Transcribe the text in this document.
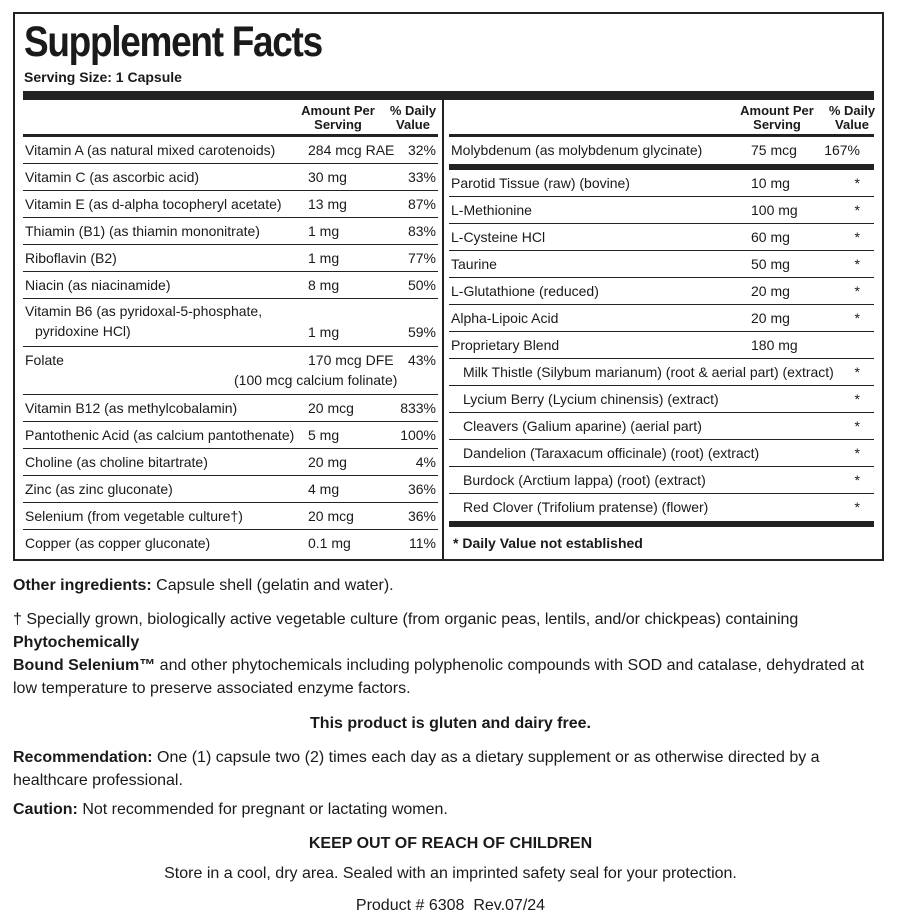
Supplement Facts
Serving Size: 1 Capsule
Amount Per
Serving
% Daily
Value
Vitamin A (as natural mixed carotenoids) 284 mcg RAE 32%
Vitamin C (as ascorbic acid)	30 mg	33%
Vitamin E (as d-alpha tocopheryl acetate) 13 mg	87%
Thiamin (B1) (as thiamin mononitrate)	1 mg	83%
Riboflavin (B2)	1 mg	77%
Niacin (as niacinamide)	8 mg	50%
Vitamin B6 (as pyridoxal-5-phosphate,
pyridoxine HCl)	1 mg	59%
Folate	170 mcg DFE 43%
(100 mcg calcium folinate)
Vitamin B12 (as methylcobalamin)	20 mcg	833%
Pantothenic Acid (as calcium pantothenate) 5 mg	100%
Choline (as choline bitartrate)	20 mg	4%
Zinc (as zinc gluconate)	4 mg	36%
Selenium (from vegetable culture†)	20 mcg	36%
Copper (as copper gluconate)	0.1 mg	11%
Amount Per
Serving
% Daily
Value
Molybdenum (as molybdenum glycinate)	75 mcg 167%
Parotid Tissue (raw) (bovine)	10 mg	*
L-Methionine	100 mg	*
L-Cysteine HCl	60 mg	*
Taurine	50 mg	*
L-Glutathione (reduced)	20 mg	*
Alpha-Lipoic Acid	20 mg	*
Proprietary Blend	180 mg
Milk Thistle (Silybum marianum) (root & aerial part) (extract) *
Lycium Berry (Lycium chinensis) (extract)	*
Cleavers (Galium aparine) (aerial part)	*
Dandelion (Taraxacum officinale) (root) (extract)	*
Burdock (Arctium lappa) (root) (extract)	*
Red Clover (Trifolium pratense) (flower)	*
* Daily Value not established
Other ingredients: Capsule shell (gelatin and water).
† Specially grown, biologically active vegetable culture (from organic peas, lentils, and/or chickpeas) containing
Phytochemically
Bound Selenium™ and other phytochemicals including polyphenolic compounds with SOD and catalase, dehydrated at low temperature to preserve associated enzyme factors.
This product is gluten and dairy free.
Recommendation: One (1) capsule two (2) times each day as a dietary supplement or as otherwise directed by a healthcare professional.
Caution: Not recommended for pregnant or lactating women.
KEEP OUT OF REACH OF CHILDREN
Store in a cool, dry area. Sealed with an imprinted safety seal for your protection.
Product # 6308  Rev.07/24
